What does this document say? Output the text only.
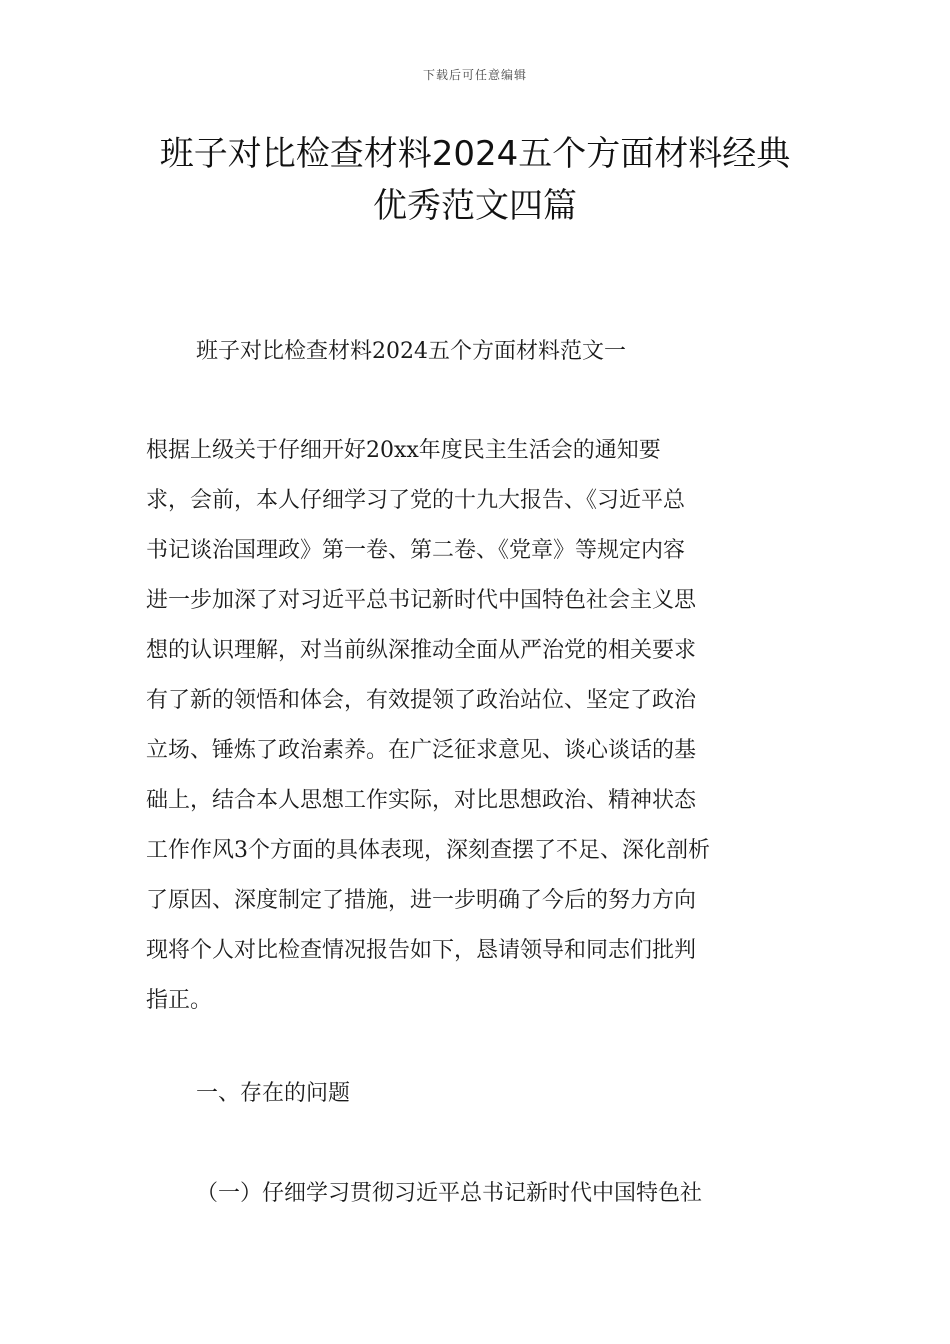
下载后可任意编辑
班子对比检查材料2024五个方面材料经典
优秀范文四篇

班子对比检查材料2024五个方面材料范文一

　　根据上级关于仔细开好20xx年度民主生活会的通知要
求，会前，本人仔细学习了党的十九大报告、《习近平总
书记谈治国理政》第一卷、第二卷、《党章》等规定内容
进一步加深了对习近平总书记新时代中国特色社会主义思
想的认识理解，对当前纵深推动全面从严治党的相关要求
有了新的领悟和体会，有效提领了政治站位、坚定了政治
立场、锤炼了政治素养。在广泛征求意见、谈心谈话的基
础上，结合本人思想工作实际，对比思想政治、精神状态
工作作风3个方面的具体表现，深刻查摆了不足、深化剖析
了原因、深度制定了措施，进一步明确了今后的努力方向
现将个人对比检查情况报告如下，恳请领导和同志们批判
指正。

一、存在的问题

（一）仔细学习贯彻习近平总书记新时代中国特色社
